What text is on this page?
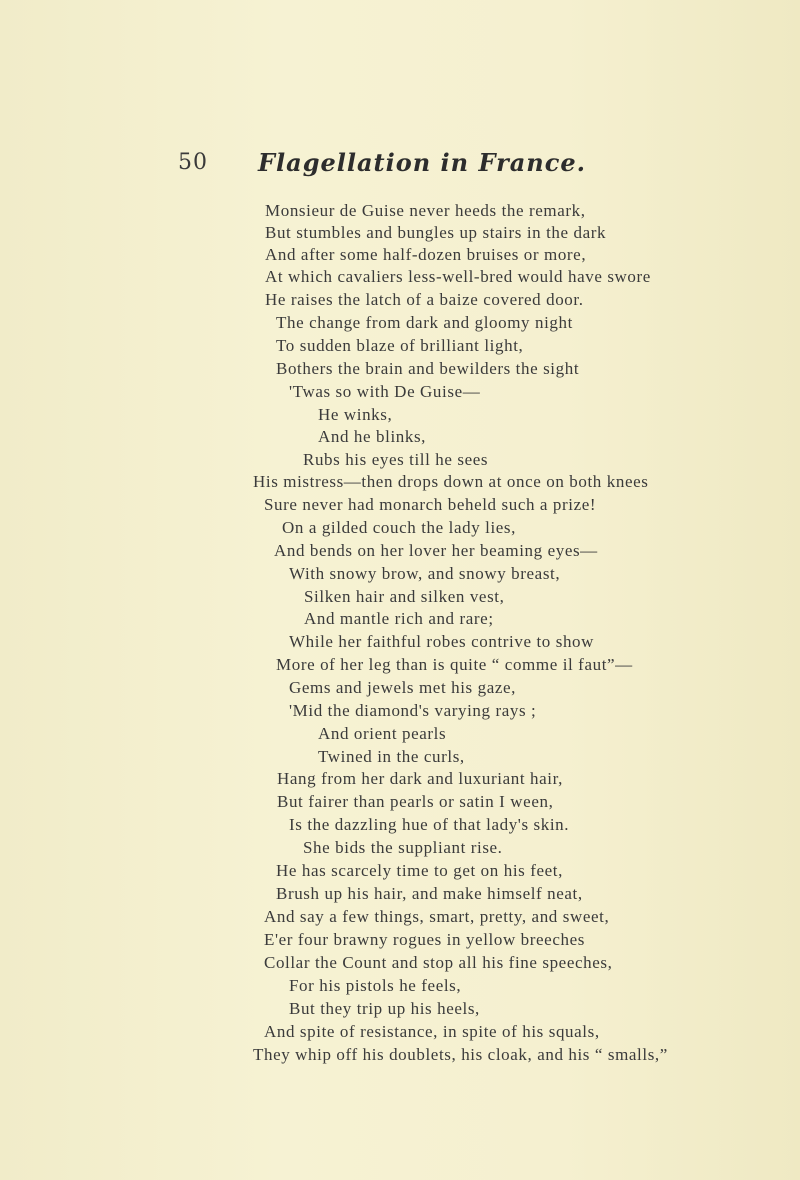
50 Flagellation in France.
Monsieur de Guise never heeds the remark,
But stumbles and bungles up stairs in the dark
And after some half-dozen bruises or more,
At which cavaliers less-well-bred would have swore
He raises the latch of a baize covered door.
The change from dark and gloomy night
To sudden blaze of brilliant light,
Bothers the brain and bewilders the sight
'Twas so with De Guise—
He winks,
And he blinks,
Rubs his eyes till he sees
His mistress—then drops down at once on both knees
Sure never had monarch beheld such a prize!
On a gilded couch the lady lies,
And bends on her lover her beaming eyes—
With snowy brow, and snowy breast,
Silken hair and silken vest,
And mantle rich and rare;
While her faithful robes contrive to show
More of her leg than is quite “ comme il faut”—
Gems and jewels met his gaze,
'Mid the diamond's varying rays ;
And orient pearls
Twined in the curls,
Hang from her dark and luxuriant hair,
But fairer than pearls or satin I ween,
Is the dazzling hue of that lady's skin.
She bids the suppliant rise.
He has scarcely time to get on his feet,
Brush up his hair, and make himself neat,
And say a few things, smart, pretty, and sweet,
E'er four brawny rogues in yellow breeches
Collar the Count and stop all his fine speeches,
For his pistols he feels,
But they trip up his heels,
And spite of resistance, in spite of his squals,
They whip off his doublets, his cloak, and his “ smalls,”
